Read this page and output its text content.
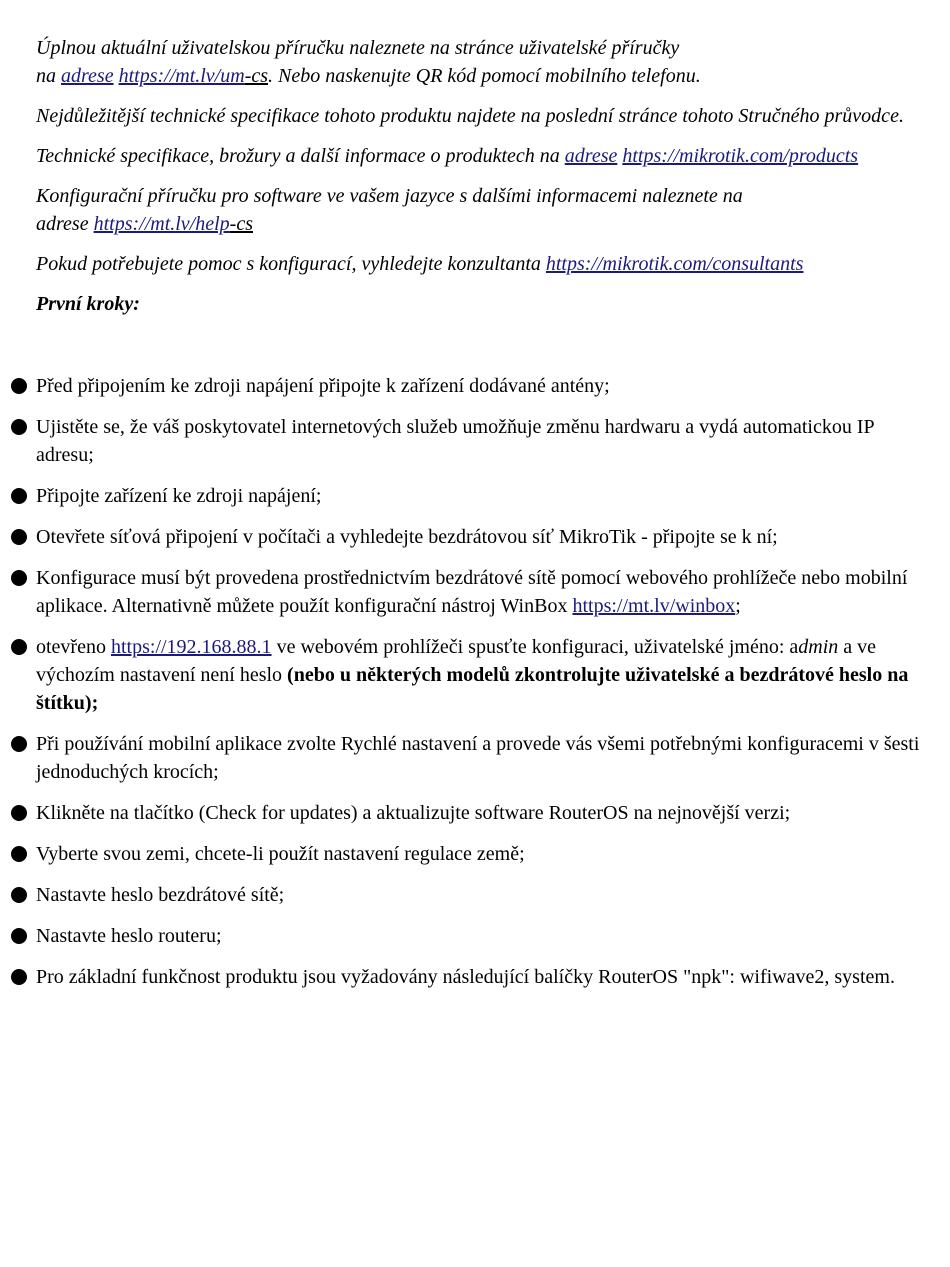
Úplnou aktuální uživatelskou příručku naleznete na stránce uživatelské příručky
na adrese https://mt.lv/um-cs. Nebo naskenujte QR kód pomocí mobilního telefonu.

Nejdůležitější technické specifikace tohoto produktu najdete na poslední stránce tohoto Stručného průvodce.

Technické specifikace, brožury a další informace o produktech na adrese https://mikrotik.com/products

Konfigurační příručku pro software ve vašem jazyce s dalšími informacemi naleznete na
adrese https://mt.lv/help-cs

Pokud potřebujete pomoc s konfigurací, vyhledejte konzultanta https://mikrotik.com/consultants

První kroky:

Před připojením ke zdroji napájení připojte k zařízení dodávané antény;
Ujistěte se, že váš poskytovatel internetových služeb umožňuje změnu hardwaru a vydá automatickou IP adresu;
Připojte zařízení ke zdroji napájení;
Otevřete síťová připojení v počítači a vyhledejte bezdrátovou síť MikroTik - připojte se k ní;
Konfigurace musí být provedena prostřednictvím bezdrátové sítě pomocí webového prohlížeče nebo mobilní aplikace. Alternativně můžete použít konfigurační nástroj WinBox https://mt.lv/winbox;
otevřeno https://192.168.88.1 ve webovém prohlížeči spusťte konfiguraci, uživatelské jméno: admin a ve výchozím nastavení není heslo (nebo u některých modelů zkontrolujte uživatelské a bezdrátové heslo na štítku);
Při používání mobilní aplikace zvolte Rychlé nastavení a provede vás všemi potřebnými konfiguracemi v šesti jednoduchých krocích;
Klikněte na tlačítko (Check for updates) a aktualizujte software RouterOS na nejnovější verzi;
Vyberte svou zemi, chcete-li použít nastavení regulace země;
Nastavte heslo bezdrátové sítě;
Nastavte heslo routeru;
Pro základní funkčnost produktu jsou vyžadovány následující balíčky RouterOS "npk": wifiwave2, system.
